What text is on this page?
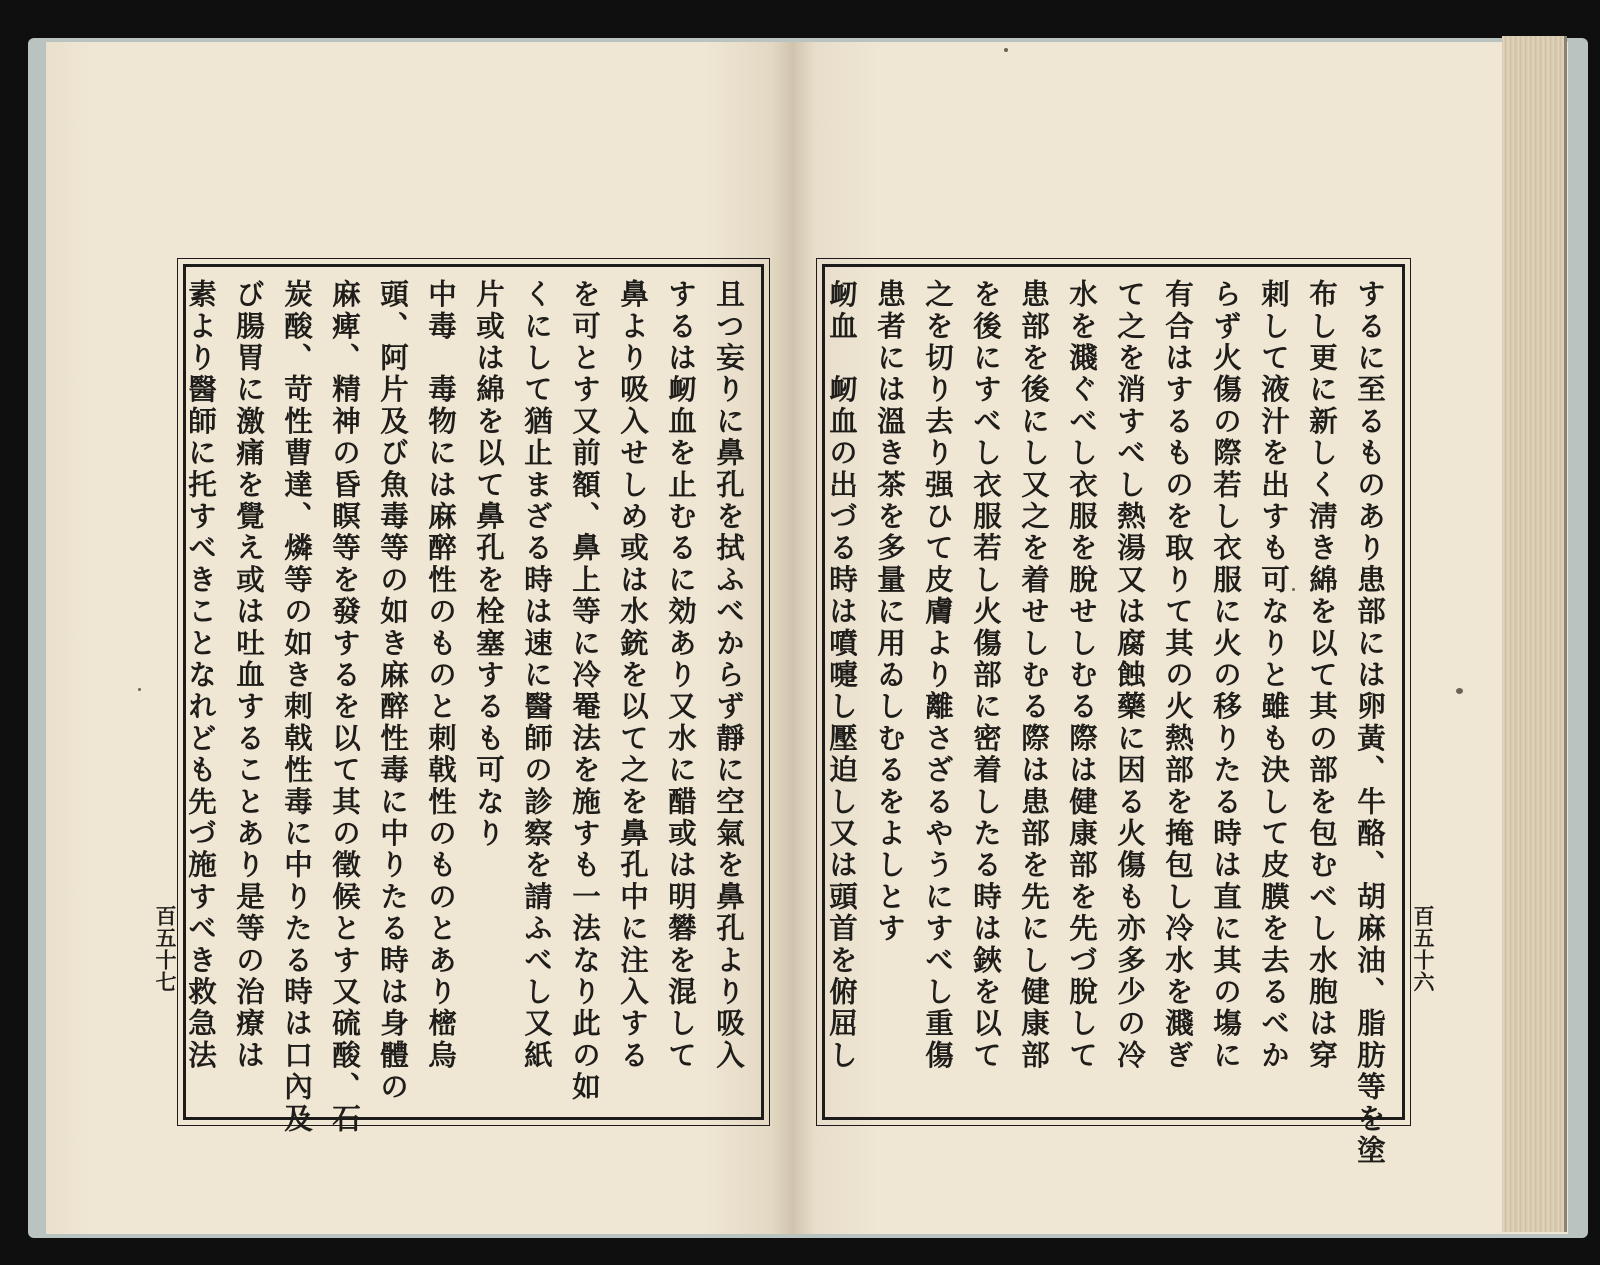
且つ妄りに鼻孔を拭ふべからず靜に空氣を鼻孔より吸入
するは衂血を止むるに効あり又水に醋或は明礬を混して
鼻より吸入せしめ或は水銃を以て之を鼻孔中に注入する
を可とす又前額、鼻上等に冷罨法を施すも一法なり此の如
くにして猶止まざる時は速に醫師の診察を請ふべし又紙
片或は綿を以て鼻孔を栓塞するも可なり
中毒　毒物には麻醉性のものと刺戟性のものとあり樒烏
頭、阿片及び魚毒等の如き麻醉性毒に中りたる時は身體の
麻痺、精神の昏瞑等を發するを以て其の徵候とす又硫酸、石
炭酸、苛性曹達、燐等の如き刺戟性毒に中りたる時は口內及
び腸胃に激痛を覺え或は吐血することあり是等の治療は
素より醫師に托すべきことなれども先づ施すべき救急法
百五十七	するに至るものあり患部には卵黃、牛酪、胡麻油、脂肪等を塗
布し更に新しく淸き綿を以て其の部を包むべし水胞は穿
刺して液汁を出すも可なりと雖も決して皮膜を去るべか
らず火傷の際若し衣服に火の移りたる時は直に其の塲に
有合はするものを取りて其の火熱部を掩包し冷水を濺ぎ
て之を消すべし熱湯又は腐蝕藥に因る火傷も亦多少の冷
水を濺ぐべし衣服を脫せしむる際は健康部を先づ脫して
患部を後にし又之を着せしむる際は患部を先にし健康部
を後にすべし衣服若し火傷部に密着したる時は鋏を以て
之を切り去り强ひて皮膚より離さざるやうにすべし重傷
患者には溫き茶を多量に用ゐしむるをよしとす
衂血　衂血の出づる時は噴嚏し壓迫し又は頭首を俯屈し	百五十六
